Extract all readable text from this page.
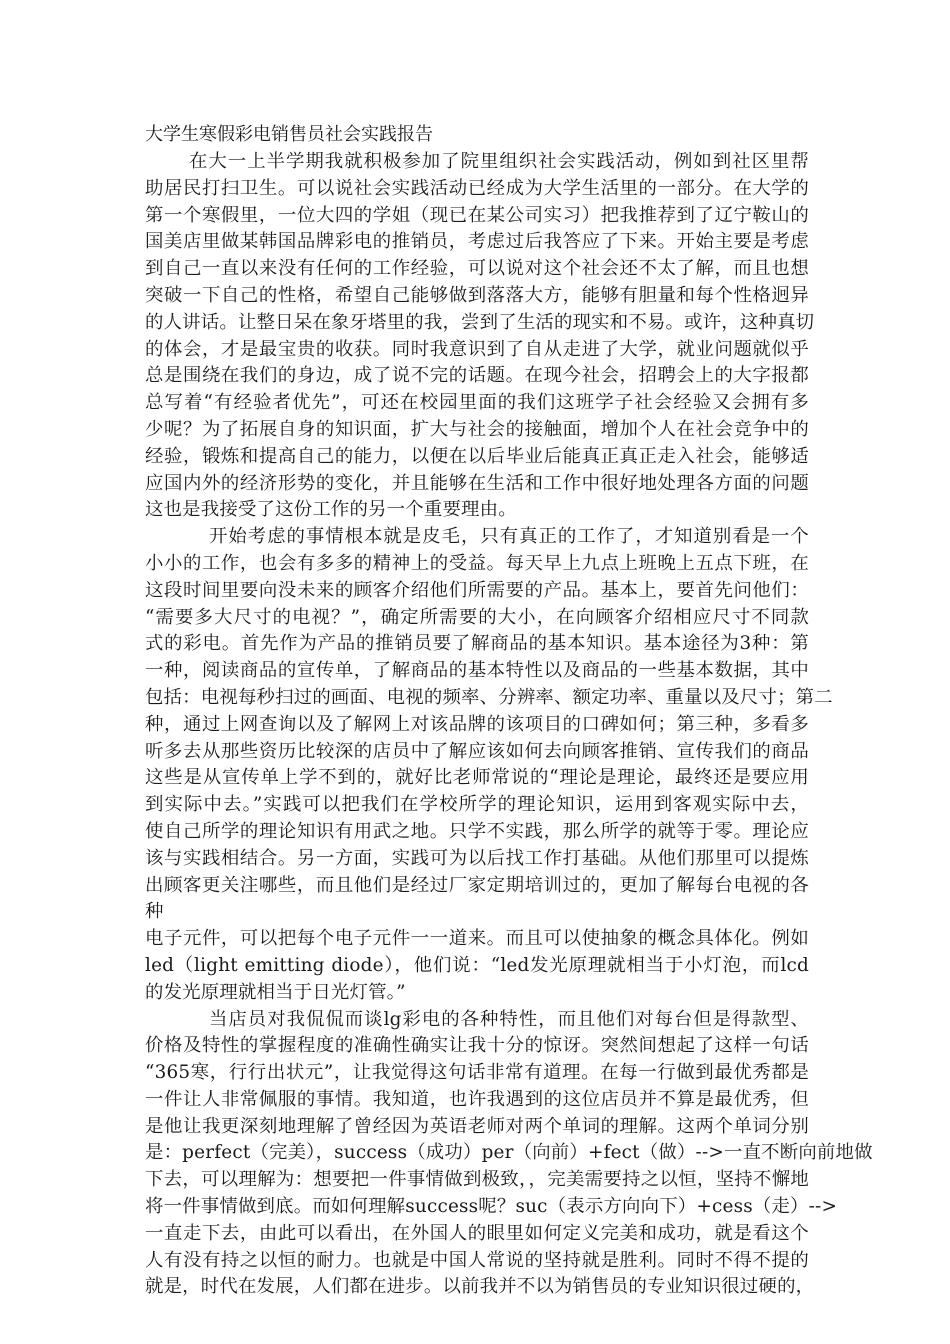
大学生寒假彩电销售员社会实践报告
在大一上半学期我就积极参加了院里组织社会实践活动，例如到社区里帮
助居民打扫卫生。可以说社会实践活动已经成为大学生活里的一部分。在大学的
第一个寒假里，一位大四的学姐（现已在某公司实习）把我推荐到了辽宁鞍山的
国美店里做某韩国品牌彩电的推销员，考虑过后我答应了下来。开始主要是考虑
到自己一直以来没有任何的工作经验，可以说对这个社会还不太了解，而且也想
突破一下自己的性格，希望自己能够做到落落大方，能够有胆量和每个性格迥异
的人讲话。让整日呆在象牙塔里的我，尝到了生活的现实和不易。或许，这种真切
的体会，才是最宝贵的收获。同时我意识到了自从走进了大学，就业问题就似乎
总是围绕在我们的身边，成了说不完的话题。在现今社会，招聘会上的大字报都
总写着“有经验者优先”，可还在校园里面的我们这班学子社会经验又会拥有多
少呢？为了拓展自身的知识面，扩大与社会的接触面，增加个人在社会竞争中的
经验，锻炼和提高自己的能力，以便在以后毕业后能真正真正走入社会，能够适
应国内外的经济形势的变化，并且能够在生活和工作中很好地处理各方面的问题
这也是我接受了这份工作的另一个重要理由。
开始考虑的事情根本就是皮毛，只有真正的工作了，才知道别看是一个
小小的工作，也会有多多的精神上的受益。每天早上九点上班晚上五点下班，在
这段时间里要向没未来的顾客介绍他们所需要的产品。基本上，要首先问他们：
“需要多大尺寸的电视？”，确定所需要的大小，在向顾客介绍相应尺寸不同款
式的彩电。首先作为产品的推销员要了解商品的基本知识。基本途径为3种：第
一种，阅读商品的宣传单，了解商品的基本特性以及商品的一些基本数据，其中
包括：电视每秒扫过的画面、电视的频率、分辨率、额定功率、重量以及尺寸；第二
种，通过上网查询以及了解网上对该品牌的该项目的口碑如何；第三种，多看多
听多去从那些资历比较深的店员中了解应该如何去向顾客推销、宣传我们的商品
这些是从宣传单上学不到的，就好比老师常说的“理论是理论，最终还是要应用
到实际中去。”实践可以把我们在学校所学的理论知识，运用到客观实际中去，
使自己所学的理论知识有用武之地。只学不实践，那么所学的就等于零。理论应
该与实践相结合。另一方面，实践可为以后找工作打基础。从他们那里可以提炼
出顾客更关注哪些，而且他们是经过厂家定期培训过的，更加了解每台电视的各
种
电子元件，可以把每个电子元件一一道来。而且可以使抽象的概念具体化。例如
led（light emitting diode），他们说：“led发光原理就相当于小灯泡，而lcd
的发光原理就相当于日光灯管。”
当店员对我侃侃而谈lg彩电的各种特性，而且他们对每台但是得款型、
价格及特性的掌握程度的准确性确实让我十分的惊讶。突然间想起了这样一句话
“365寒，行行出状元”，让我觉得这句话非常有道理。在每一行做到最优秀都是
一件让人非常佩服的事情。我知道，也许我遇到的这位店员并不算是最优秀，但
是他让我更深刻地理解了曾经因为英语老师对两个单词的理解。这两个单词分别
是：perfect（完美），success（成功）per（向前）+fect（做）-->一直不断向前地做
下去，可以理解为：想要把一件事情做到极致，，完美需要持之以恒，坚持不懈地
将一件事情做到底。而如何理解success呢？suc（表示方向向下）+cess（走）-->
一直走下去，由此可以看出，在外国人的眼里如何定义完美和成功，就是看这个
人有没有持之以恒的耐力。也就是中国人常说的坚持就是胜利。同时不得不提的
就是，时代在发展，人们都在进步。以前我并不以为销售员的专业知识很过硬的，
